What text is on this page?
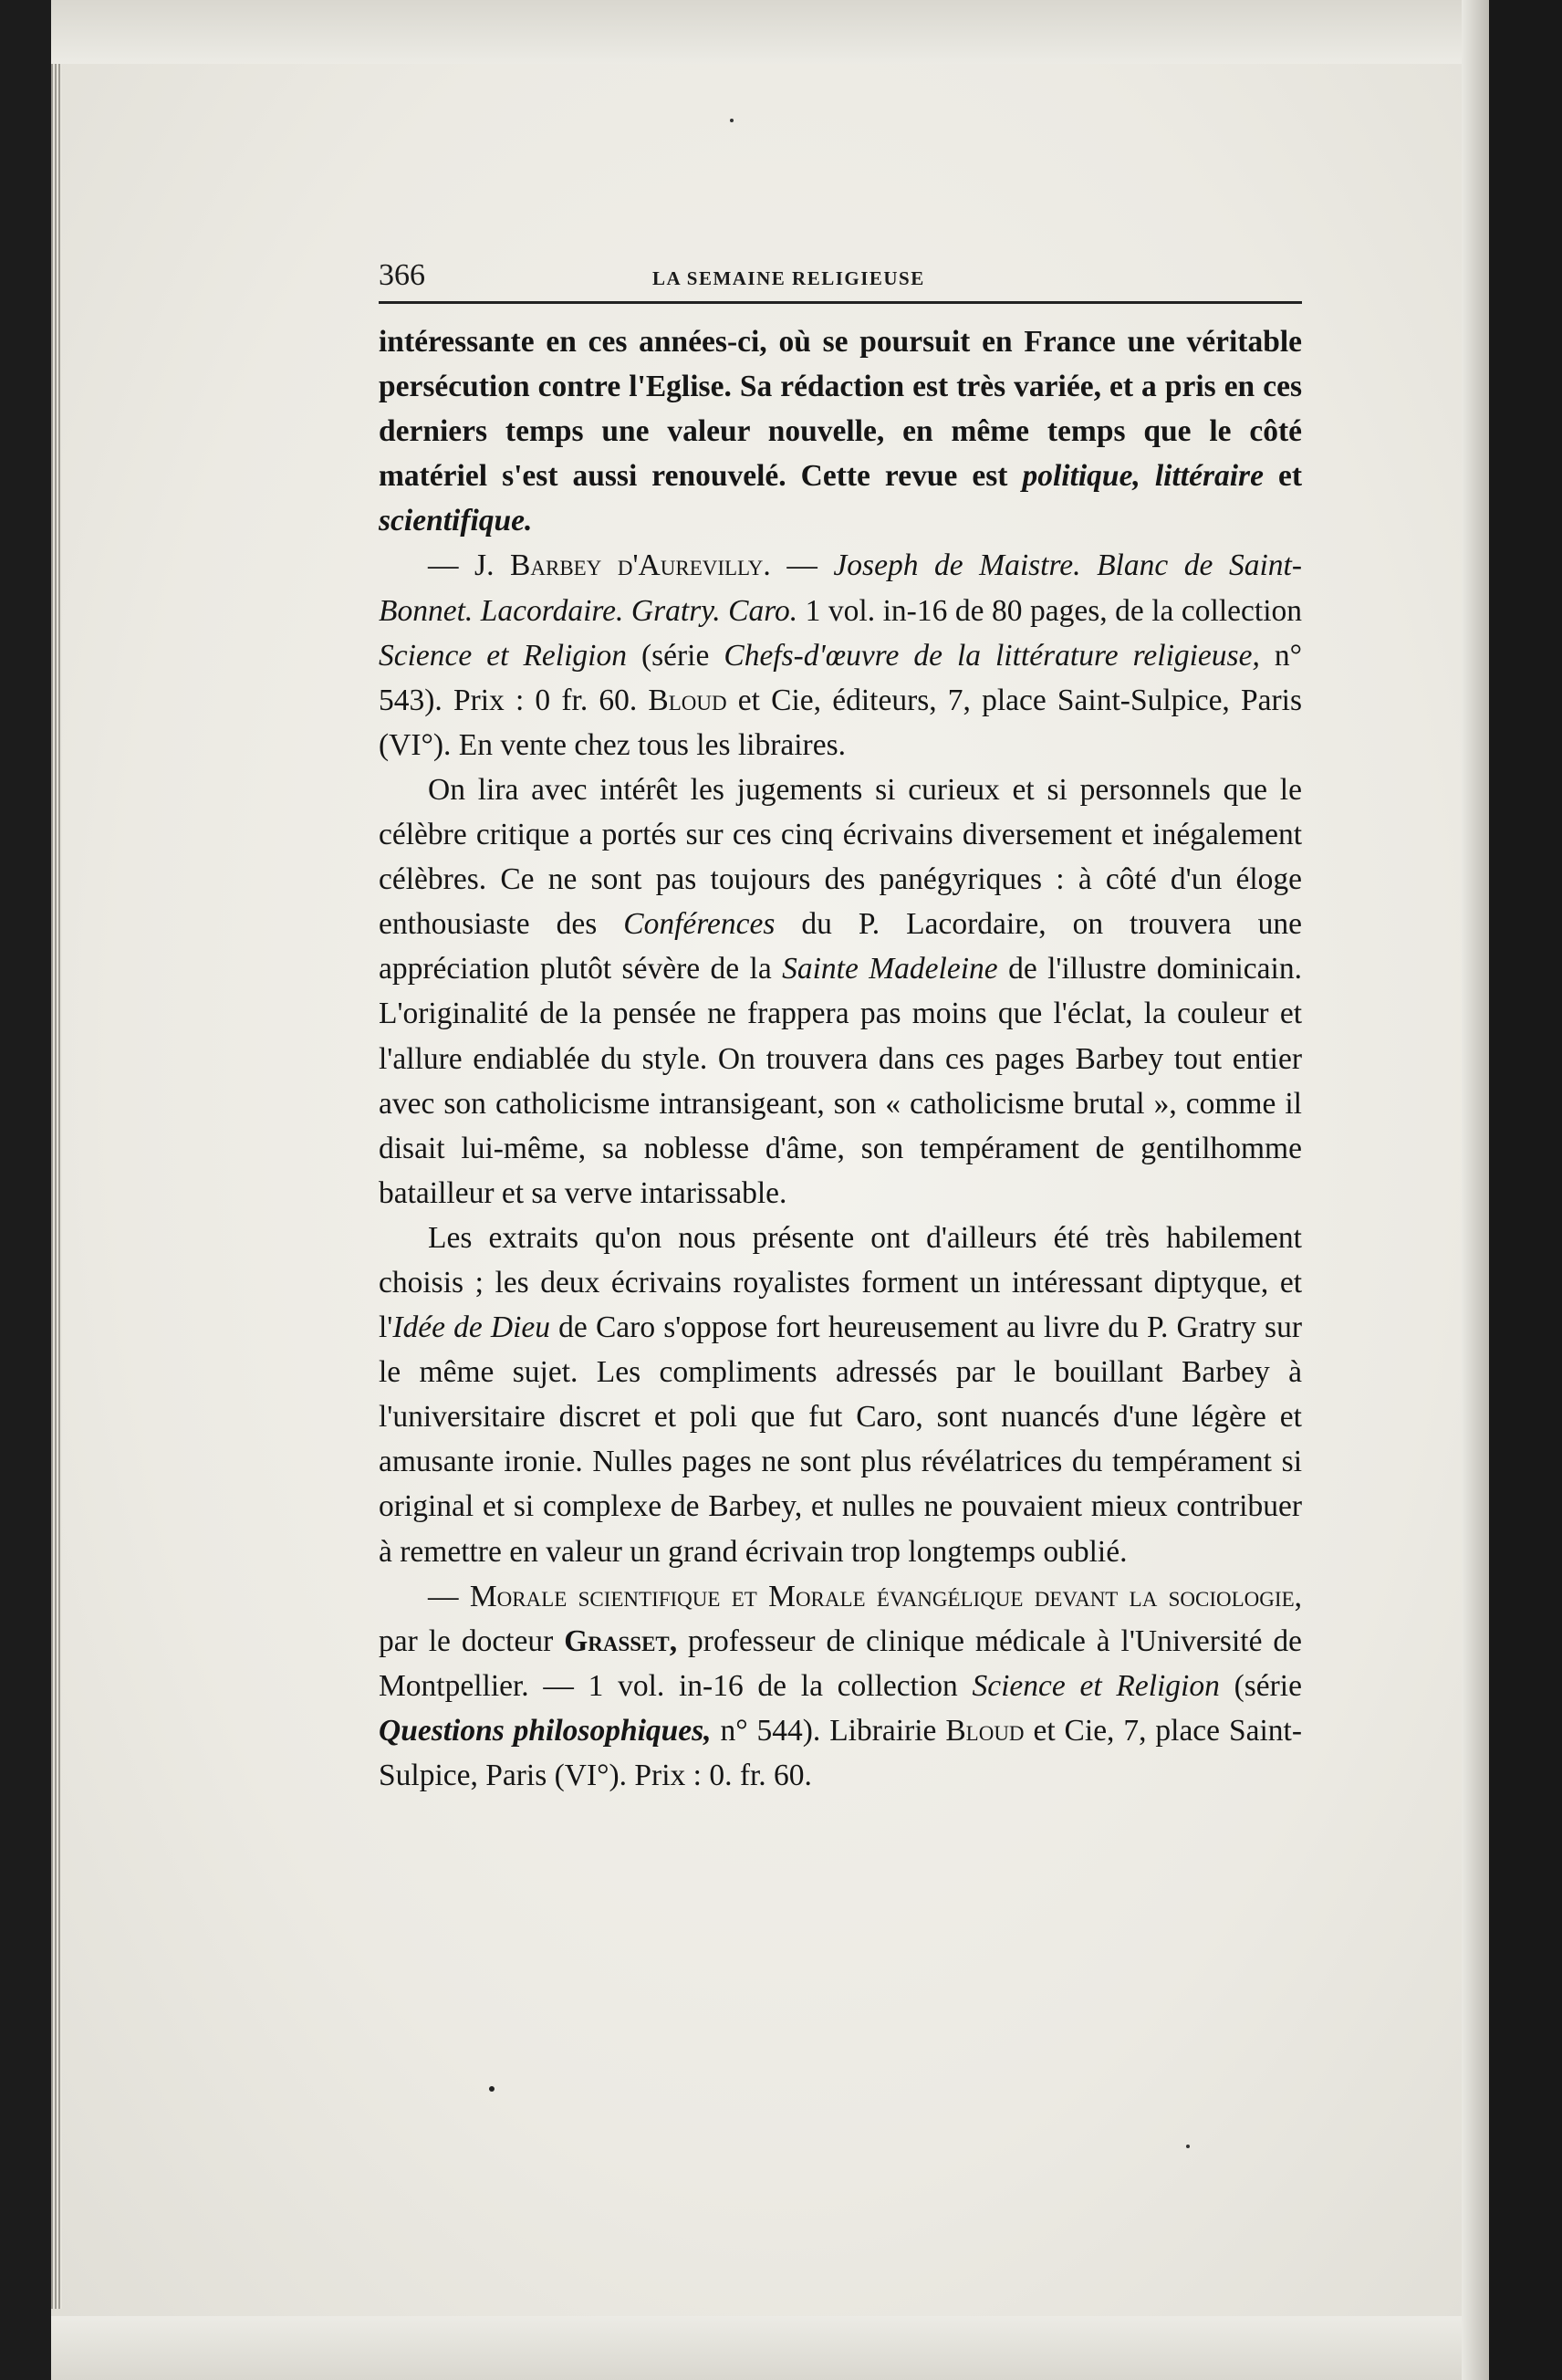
366	LA SEMAINE RELIGIEUSE

intéressante en ces années-ci, où se poursuit en France une véritable persécution contre l'Eglise. Sa rédaction est très variée, et a pris en ces derniers temps une valeur nouvelle, en même temps que le côté matériel s'est aussi renouvelé. Cette revue est politique, littéraire et scientifique.

— J. Barbey d'Aurevilly. — Joseph de Maistre. Blanc de Saint-Bonnet. Lacordaire. Gratry. Caro. 1 vol. in-16 de 80 pages, de la collection Science et Religion (série Chefs-d'œuvre de la littérature religieuse, n° 543). Prix : 0 fr. 60. Bloud et Cie, éditeurs, 7, place Saint-Sulpice, Paris (VI°). En vente chez tous les libraires.

On lira avec intérêt les jugements si curieux et si personnels que le célèbre critique a portés sur ces cinq écrivains diversement et inégalement célèbres. Ce ne sont pas toujours des panégyriques : à côté d'un éloge enthousiaste des Conférences du P. Lacordaire, on trouvera une appréciation plutôt sévère de la Sainte Madeleine de l'illustre dominicain. L'originalité de la pensée ne frappera pas moins que l'éclat, la couleur et l'allure endiablée du style. On trouvera dans ces pages Barbey tout entier avec son catholicisme intransigeant, son « catholicisme brutal », comme il disait lui-même, sa noblesse d'âme, son tempérament de gentilhomme batailleur et sa verve intarissable.

Les extraits qu'on nous présente ont d'ailleurs été très habilement choisis ; les deux écrivains royalistes forment un intéressant diptyque, et l'Idée de Dieu de Caro s'oppose fort heureusement au livre du P. Gratry sur le même sujet. Les compliments adressés par le bouillant Barbey à l'universitaire discret et poli que fut Caro, sont nuancés d'une légère et amusante ironie. Nulles pages ne sont plus révélatrices du tempérament si original et si complexe de Barbey, et nulles ne pouvaient mieux contribuer à remettre en valeur un grand écrivain trop longtemps oublié.

— Morale scientifique et Morale évangélique devant la sociologie, par le docteur Grasset, professeur de clinique médicale à l'Université de Montpellier. — 1 vol. in-16 de la collection Science et Religion (série Questions philosophiques, n° 544). Librairie Bloud et Cie, 7, place Saint-Sulpice, Paris (VI°). Prix : 0. fr. 60.
